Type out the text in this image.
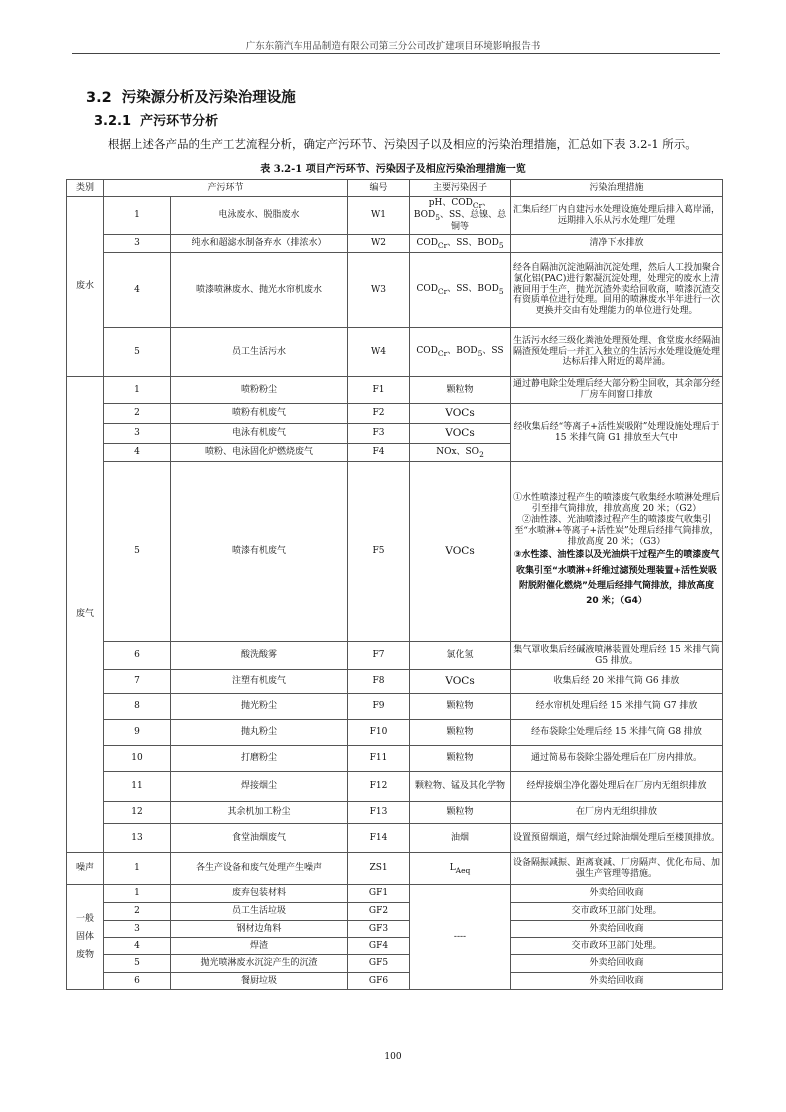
广东东箭汽车用品制造有限公司第三分公司改扩建项目环境影响报告书
3.2 污染源分析及污染治理设施
3.2.1 产污环节分析
根据上述各产品的生产工艺流程分析，确定产污环节、污染因子以及相应的污染治理措施，汇总如下表 3.2-1 所示。
表 3.2-1 项目产污环节、污染因子及相应污染治理措施一览
类别	产污环节		编号	主要污染因子	污染治理措施
废水	1	电泳废水、脱脂废水	W1	pH、$COD_{Cr}$、$BOD_5$、SS、总镍、总铜等	汇集后经厂内自建污水处理设施处理后排入葛岸涌，远期排入乐从污水处理厂处理
	3	纯水和超滤水制备弃水（排浓水）	W2	$COD_{Cr}$、SS、$BOD_5$	清净下水排放
	4	喷漆喷淋废水、抛光水帘机废水	W3	$COD_{Cr}$、SS、$BOD_5$	经各自隔油沉淀池隔油沉淀处理，然后人工投加聚合氯化铝(PAC)进行絮凝沉淀处理，处理完的废水上清液回用于生产，抛光沉渣外卖给回收商，喷漆沉渣交有资质单位进行处理。回用的喷淋废水半年进行一次更换并交由有处理能力的单位进行处理。
	5	员工生活污水	W4	$COD_{Cr}$、$BOD_5$、SS	生活污水经三级化粪池处理预处理、食堂废水经隔油隔渣预处理后一并汇入独立的生活污水处理设施处理达标后排入附近的葛岸涌。
废气	1	喷粉粉尘	F1	颗粒物	通过静电除尘处理后经大部分粉尘回收，其余部分经厂房车间窗口排放
	2	喷粉有机废气	F2	VOCs	经收集后经“等离子+活性炭吸附”处理设施处理后于 15 米排气筒 G1 排放至大气中
	3	电泳有机废气	F3	VOCs	
	4	喷粉、电泳固化炉燃烧废气	F4	NOx、$SO_2$
	5	喷漆有机废气	F5	VOCs	①水性喷漆过程产生的喷漆废气收集经水喷淋处理后引至排气筒排放，排放高度 20 米；（G2）
②油性漆、光油喷漆过程产生的喷漆废气收集引至“水喷淋+等离子+活性炭”处理后经排气筒排放，排放高度 20 米；（G3）
③水性漆、油性漆以及光油烘干过程产生的喷漆废气收集引至“水喷淋+纤维过滤预处理装置+活性炭吸附脱附催化燃烧”处理后经排气筒排放，排放高度 20 米；（G4）

	6	酸洗酸雾	F7	氯化氢	集气罩收集后经碱液喷淋装置处理后经 15 米排气筒 G5 排放。
	7	注塑有机废气	F8	VOCs	收集后经 20 米排气筒 G6 排放
	8	抛光粉尘	F9	颗粒物	经水帘机处理后经 15 米排气筒 G7 排放
	9	抛丸粉尘	F10	颗粒物	经布袋除尘处理后经 15 米排气筒 G8 排放
	10	打磨粉尘	F11	颗粒物	通过简易布袋除尘器处理后在厂房内排放。
	11	焊接烟尘	F12	颗粒物、锰及其化学物	经焊接烟尘净化器处理后在厂房内无组织排放
	12	其余机加工粉尘	F13	颗粒物	在厂房内无组织排放
	13	食堂油烟废气	F14	油烟	设置预留烟道，烟气经过除油烟处理后至楼顶排放。
噪声	1	各生产设备和废气处理产生噪声	ZS1	$L_{Aeq}$	设备隔振减振、距离衰减、厂房隔声、优化布局、加强生产管理等措施。
一般固体废物	1	废弃包装材料	GF1	----	外卖给回收商
	2	员工生活垃圾	GF2		交市政环卫部门处理。
	3	钢材边角料	GF3		外卖给回收商
	4	焊渣	GF4		交市政环卫部门处理。
	5	抛光喷淋废水沉淀产生的沉渣	GF5		外卖给回收商
	6	餐厨垃圾	GF6		外卖给回收商
100
